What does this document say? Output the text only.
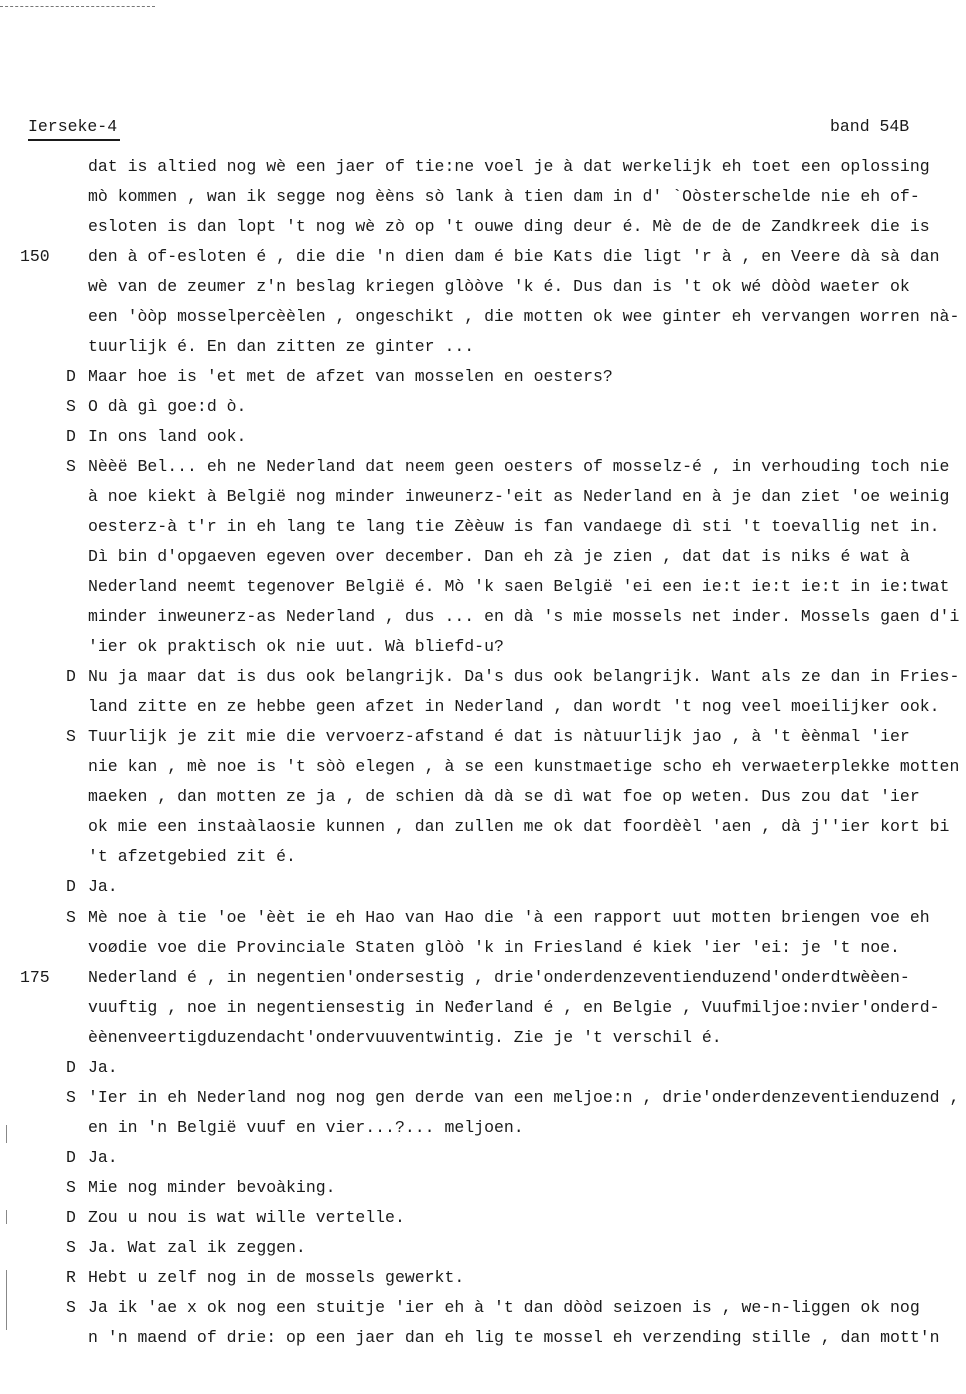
Ierseke-4	band 54B
dat is altied nog wè een jaer of tie:ne voel je à dat werkelijk eh toet een oplossing
mò kommen , wan ik segge nog èèns sò lank à tien dam in d' `Oòsterschelde nie eh of-
esloten is dan lopt 't nog wè zò op 't ouwe ding deur é. Mè de de de Zandkreek die is
150	den à of-esloten é , die die 'n dien dam é bie Kats die ligt 'r à , en Veere dà sà dan
wè van de zeumer z'n beslag kriegen glòòve 'k é. Dus dan is 't ok wé dòòd waeter ok
een 'òòp mosselpercèèlen , ongeschikt , die motten ok wee ginter eh vervangen worren nà-
tuurlijk é. En dan zitten ze ginter ...
D Maar hoe is 'et met de afzet van mosselen en oesters?
S O dà gì goe:d ò.
D In ons land ook.
S Nèèë Bel... eh ne Nederland dat neem geen oesters of mosselz-é , in verhouding toch nie
à noe kiekt à België nog minder inweunerz-'eit as Nederland en à je dan ziet 'oe weinig
oesterz-à t'r in eh lang te lang tie Zèèuw is fan vandaege dì sti 't toevallig net in.
Dì bin d'opgaeven egeven over december. Dan eh zà je zien , dat dat is niks é wat à
Nederland neemt tegenover België é. Mò 'k saen België 'ei een ie:t ie:t ie:t in ie:twat
minder inweunerz-as Nederland , dus ... en dà 's mie mossels net inder. Mossels gaen d'i
'ier ok praktisch ok nie uut. Wà bliefd-u?
D Nu ja maar dat is dus ook belangrijk. Da's dus ook belangrijk. Want als ze dan in Fries-
land zitte en ze hebbe geen afzet in Nederland , dan wordt 't nog veel moeilijker ook.
S Tuurlijk je zit mie die vervoerz-afstand é dat is nàtuurlijk jao , à 't èènmal 'ier
nie kan , mè noe is 't sòò elegen , à se een kunstmaetige scho eh verwaeterplekke motten
maeken , dan motten ze ja , de schien dà dà se dì wat foe op weten. Dus zou dat 'ier
ok mie een instaàlaosie kunnen , dan zullen me ok dat foordèèl 'aen , dà j''ier kort bi
't afzetgebied zit é.
D Ja.
S Mè noe à tie 'oe 'èèt ie eh Hao van Hao die 'à een rapport uut motten briengen voe eh
voødie voe die Provinciale Staten glòò 'k in Friesland é kiek 'ier 'ei: je 't noe.
175	Nederland é , in negentien'ondersestig , drie'onderdenzeventienduzend'onderdtwèèen-
vuuftig , noe in negentiensestig in Neđerland é , en Belgie , Vuufmiljoe:nvier'onderd-
èènenveertigduzendacht'ondervuuventwintig. Zie je 't verschil é.
D Ja.
S 'Ier in eh Nederland nog nog gen derde van een meljoe:n , drie'onderdenzeventienduzend ,
en in 'n België vuuf en vier...?... meljoen.
D Ja.
S Mie nog minder bevoàking.
D Zou u nou is wat wille vertelle.
S Ja. Wat zal ik zeggen.
R Hebt u zelf nog in de mossels gewerkt.
S Ja ik 'ae x ok nog een stuitje 'ier eh à 't dan dòòd seizoen is , we-n-liggen ok nog
n 'n maend of drie: op een jaer dan eh lig te mossel eh verzending stille , dan mott'n
